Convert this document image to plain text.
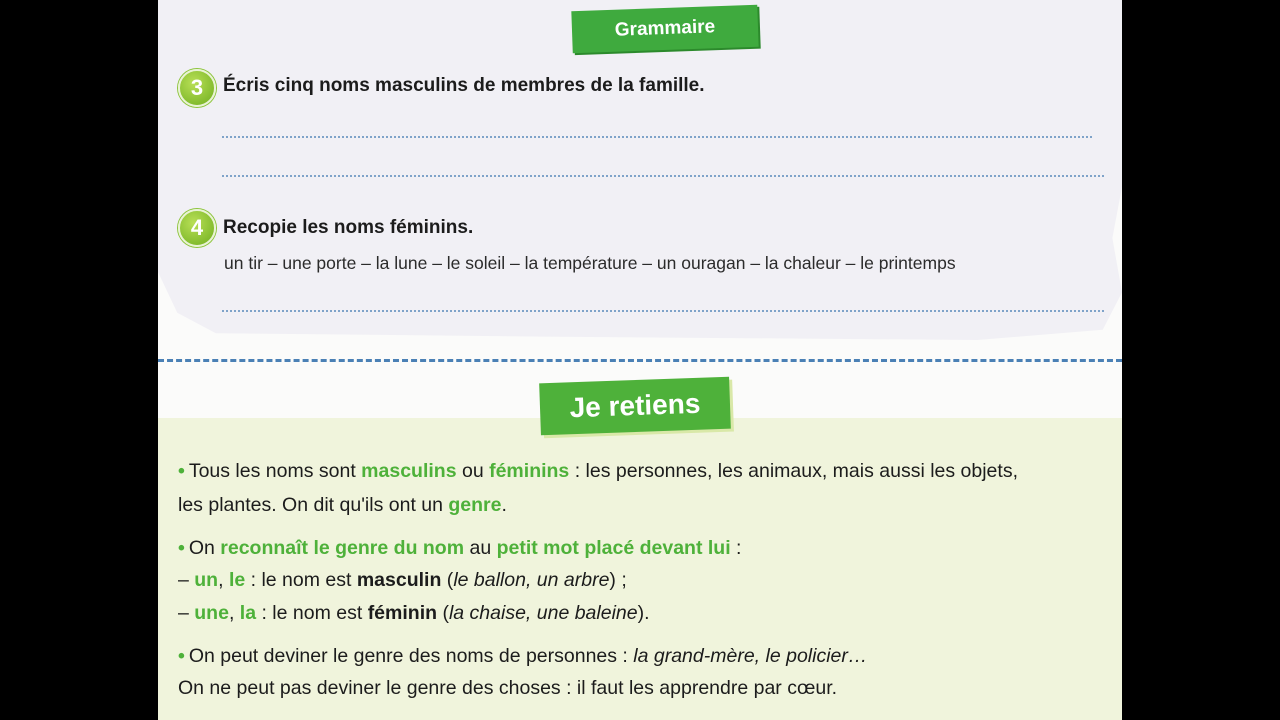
Grammaire
3 Écris cinq noms masculins de membres de la famille.
4 Recopie les noms féminins.
un tir – une porte – la lune – le soleil – la température – un ouragan – la chaleur – le printemps
Je retiens
• Tous les noms sont masculins ou féminins : les personnes, les animaux, mais aussi les objets,
les plantes. On dit qu'ils ont un genre.
• On reconnaît le genre du nom au petit mot placé devant lui :
– un, le : le nom est masculin (le ballon, un arbre) ;
– une, la : le nom est féminin (la chaise, une baleine).
• On peut deviner le genre des noms de personnes : la grand-mère, le policier…
On ne peut pas deviner le genre des choses : il faut les apprendre par cœur.
